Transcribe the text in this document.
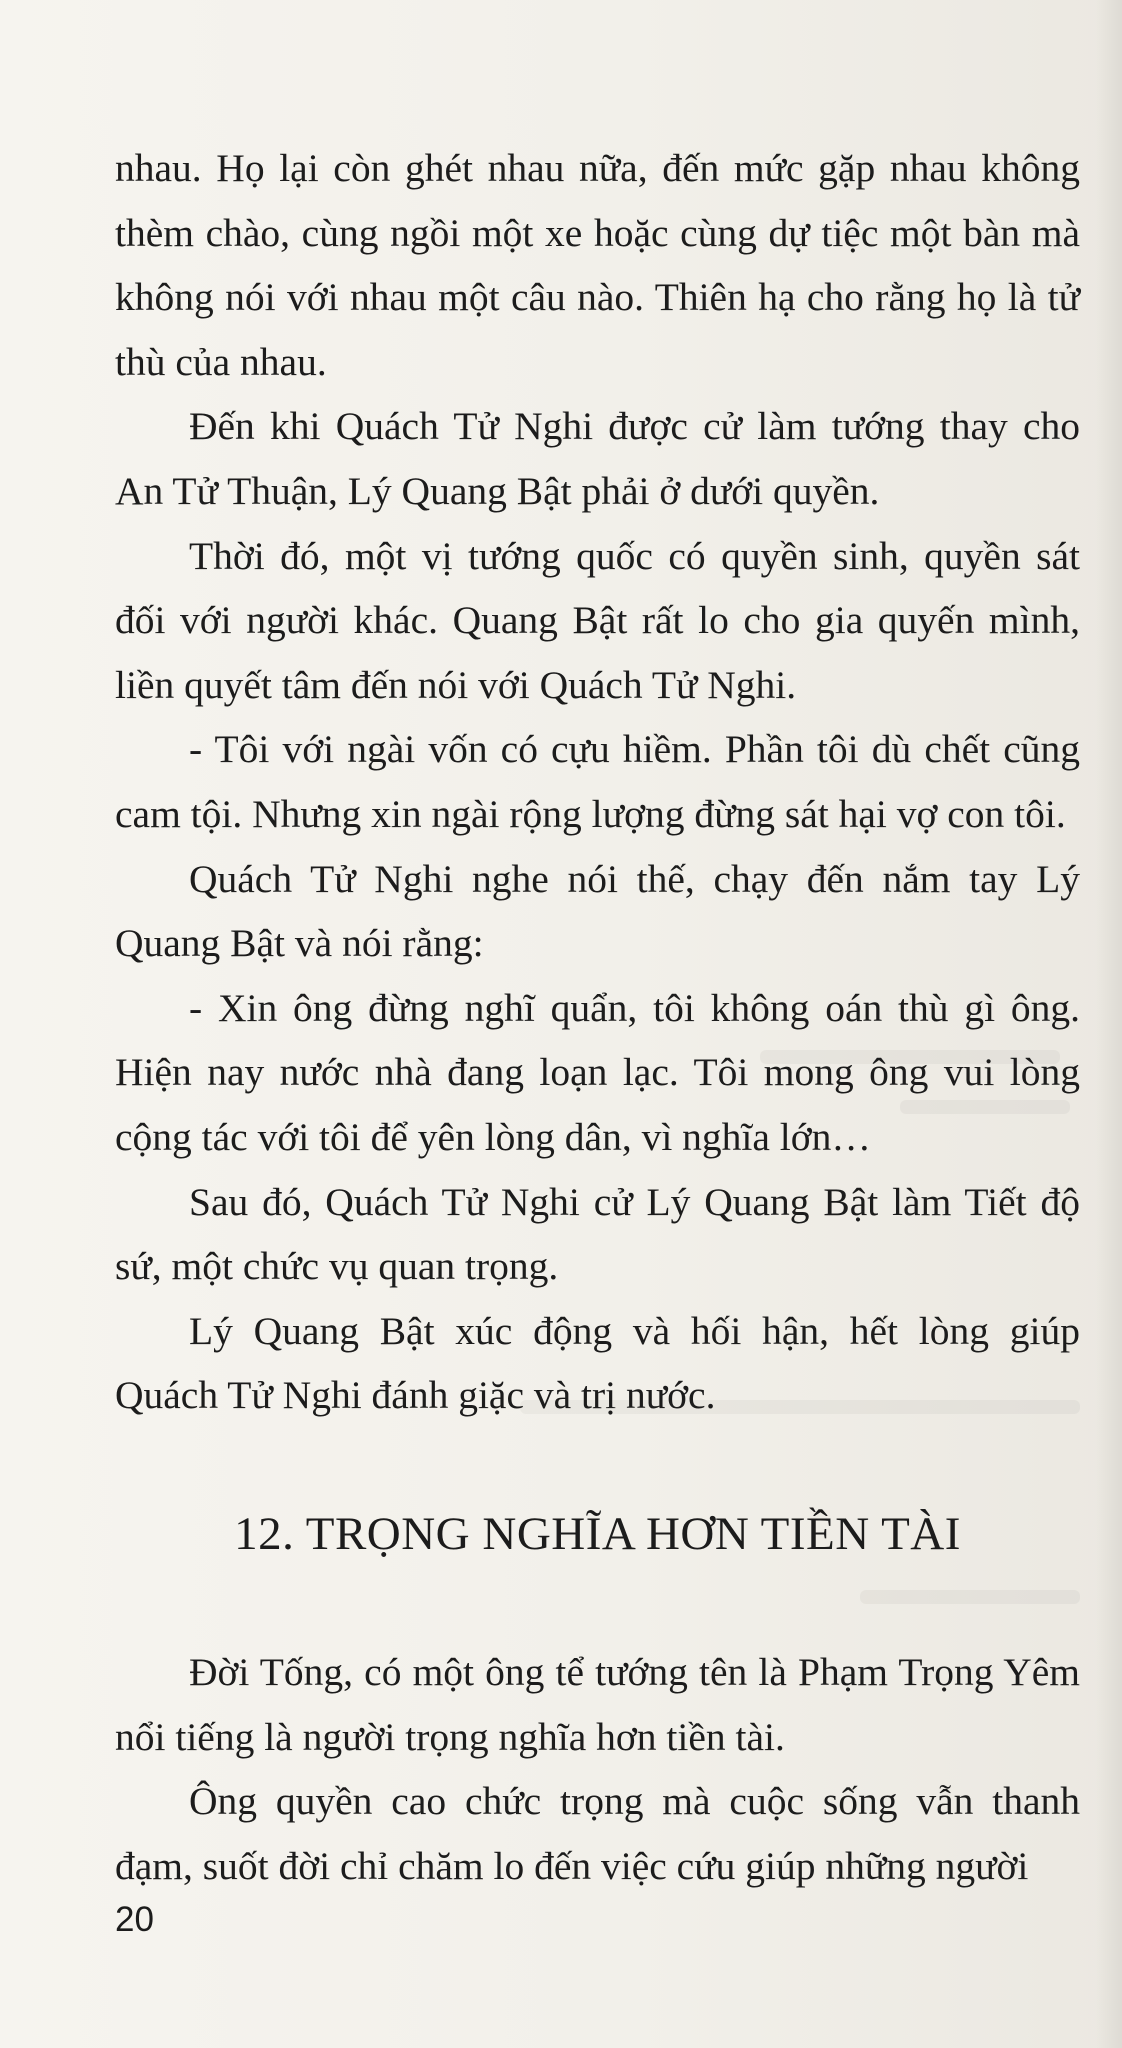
nhau. Họ lại còn ghét nhau nữa, đến mức gặp nhau không thèm chào, cùng ngồi một xe hoặc cùng dự tiệc một bàn mà không nói với nhau một câu nào. Thiên hạ cho rằng họ là tử thù của nhau.

Đến khi Quách Tử Nghi được cử làm tướng thay cho An Tử Thuận, Lý Quang Bật phải ở dưới quyền.

Thời đó, một vị tướng quốc có quyền sinh, quyền sát đối với người khác. Quang Bật rất lo cho gia quyến mình, liền quyết tâm đến nói với Quách Tử Nghi.

- Tôi với ngài vốn có cựu hiềm. Phần tôi dù chết cũng cam tội. Nhưng xin ngài rộng lượng đừng sát hại vợ con tôi.

Quách Tử Nghi nghe nói thế, chạy đến nắm tay Lý Quang Bật và nói rằng:

- Xin ông đừng nghĩ quẩn, tôi không oán thù gì ông. Hiện nay nước nhà đang loạn lạc. Tôi mong ông vui lòng cộng tác với tôi để yên lòng dân, vì nghĩa lớn…

Sau đó, Quách Tử Nghi cử Lý Quang Bật làm Tiết độ sứ, một chức vụ quan trọng.

Lý Quang Bật xúc động và hối hận, hết lòng giúp Quách Tử Nghi đánh giặc và trị nước.

12. TRỌNG NGHĨA HƠN TIỀN TÀI

Đời Tống, có một ông tể tướng tên là Phạm Trọng Yêm nổi tiếng là người trọng nghĩa hơn tiền tài.

Ông quyền cao chức trọng mà cuộc sống vẫn thanh đạm, suốt đời chỉ chăm lo đến việc cứu giúp những người

20
